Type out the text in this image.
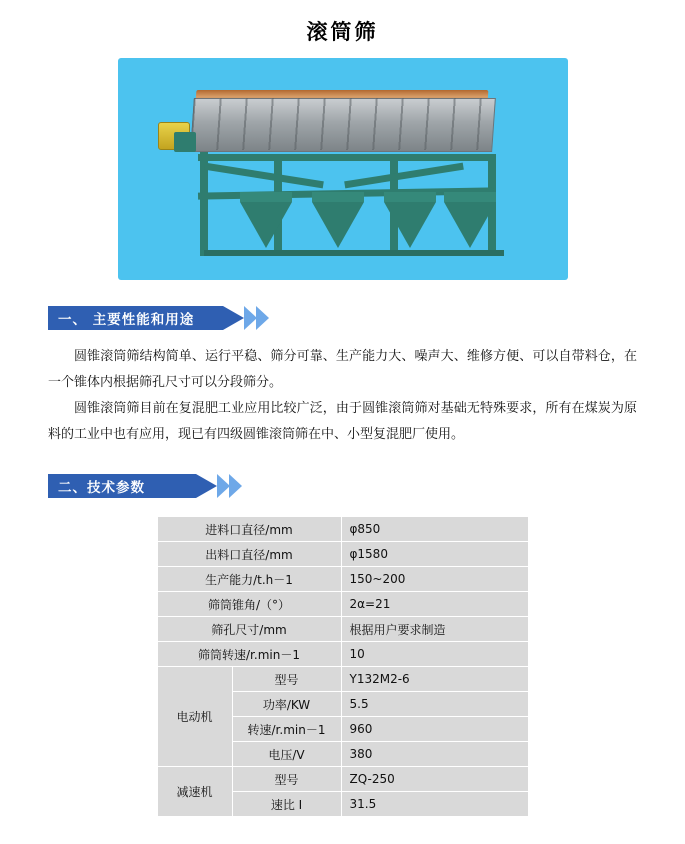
滚筒筛
一、 主要性能和用途

圆锥滚筒筛结构简单、运行平稳、筛分可靠、生产能力大、噪声大、维修方便、可以自带料仓，在一个锥体内根据筛孔尺寸可以分段筛分。

圆锥滚筒筛目前在复混肥工业应用比较广泛，由于圆锥滚筒筛对基础无特殊要求，所有在煤炭为原料的工业中也有应用，现已有四级圆锥滚筒筛在中、小型复混肥厂使用。

二、技术参数
进料口直径/mm		φ850
出料口直径/mm		φ1580
生产能力/t.h－1		150~200
筛筒锥角/（°）		2α=21
筛孔尺寸/mm		根据用户要求制造
筛筒转速/r.min－1		10
电动机	型号	Y132M2-6
	功率/KW	5.5
	转速/r.min－1	960
	电压/V	380
减速机	型号	ZQ-250
	速比 I	31.5
